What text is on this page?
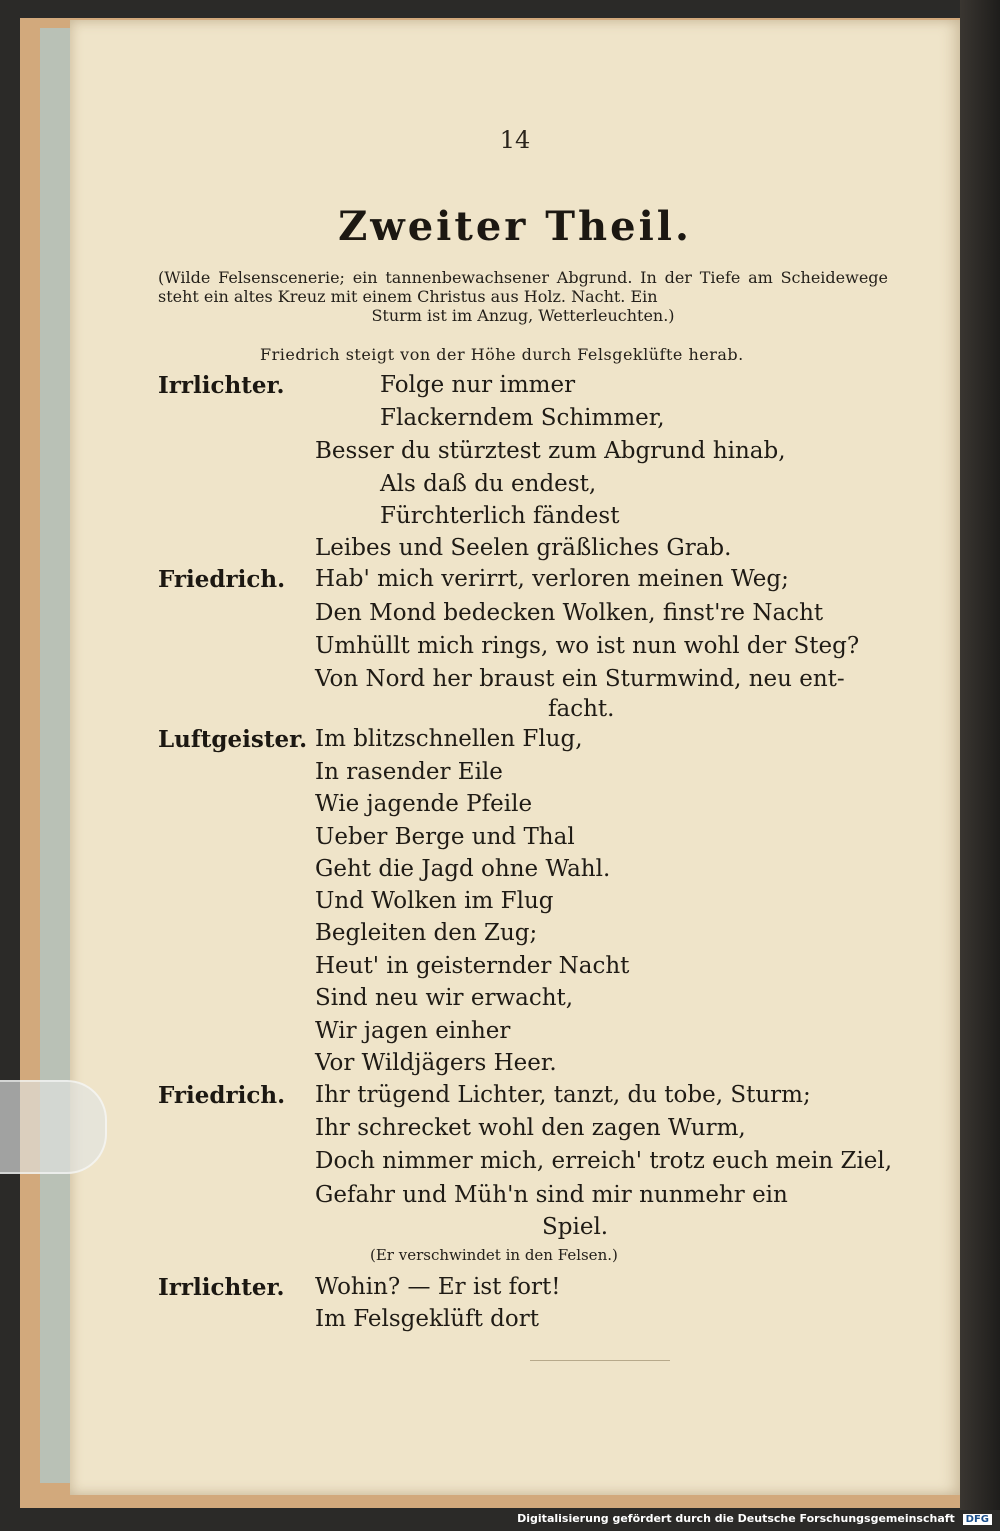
14
Zweiter Theil.
(Wilde Felsenscenerie; ein tannenbewachsener Abgrund. In der Tiefe am Scheidewege steht ein altes Kreuz mit einem Christus aus Holz. Nacht. Ein
Sturm ist im Anzug, Wetterleuchten.)
Friedrich steigt von der Höhe durch Felsgeklüfte herab.
Irrlichter.
Friedrich.
Luftgeister.
Friedrich.
Irrlichter.
Folge nur immer
Flackerndem Schimmer,
Besser du stürztest zum Abgrund hinab,
Als daß du endest,
Fürchterlich fändest
Leibes und Seelen gräßliches Grab.
Hab' mich verirrt, verloren meinen Weg;
Den Mond bedecken Wolken, finst're Nacht
Umhüllt mich rings, wo ist nun wohl der Steg?
Von Nord her braust ein Sturmwind, neu ent-
facht.
Im blitzschnellen Flug,
In rasender Eile
Wie jagende Pfeile
Ueber Berge und Thal
Geht die Jagd ohne Wahl.
Und Wolken im Flug
Begleiten den Zug;
Heut' in geisternder Nacht
Sind neu wir erwacht,
Wir jagen einher
Vor Wildjägers Heer.
Ihr trügend Lichter, tanzt, du tobe, Sturm;
Ihr schrecket wohl den zagen Wurm,
Doch nimmer mich, erreich' trotz euch mein Ziel,
Gefahr und Müh'n sind mir nunmehr ein
Spiel.
(Er verschwindet in den Felsen.)
Wohin? — Er ist fort!
Im Felsgeklüft dort
Digitalisierung gefördert durch die Deutsche Forschungsgemeinschaft DFG
